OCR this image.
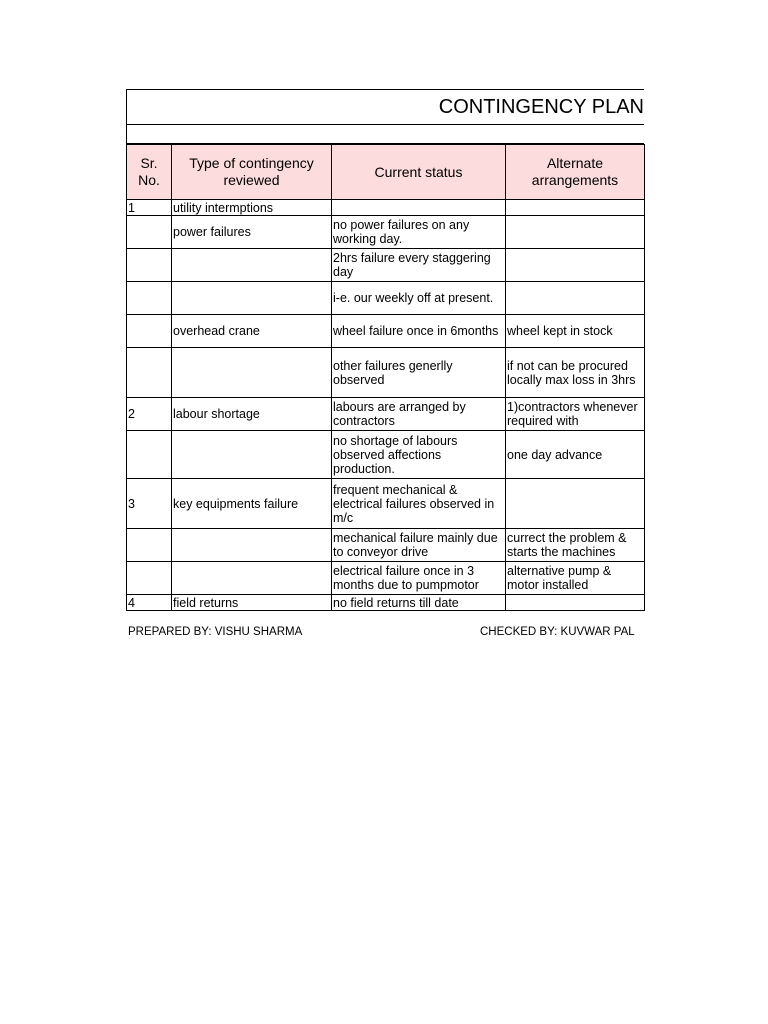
CONTINGENCY PLAN
Sr. No.	Type of contingency reviewed	Current status	Alternate arrangements
1	utility intermptions		
	power failures	no power failures on any working day.	
		2hrs failure every staggering day	
		i-e. our weekly off at present.	
	overhead crane	wheel failure once in 6months	wheel kept in stock
		other failures generlly observed	if not can be procured locally max loss in 3hrs
2	labour shortage	labours are arranged by contractors	1)contractors whenever required with
		no shortage of labours observed affections production.	one day advance
3	key equipments failure	frequent mechanical & electrical failures observed in m/c	
		mechanical failure mainly due to conveyor drive	currect the problem & starts the machines
		electrical failure once in 3 months due to pumpmotor	alternative pump & motor installed
4	field returns	no field returns till date	
PREPARED BY: VISHU SHARMA	CHECKED BY: KUVWAR PAL
